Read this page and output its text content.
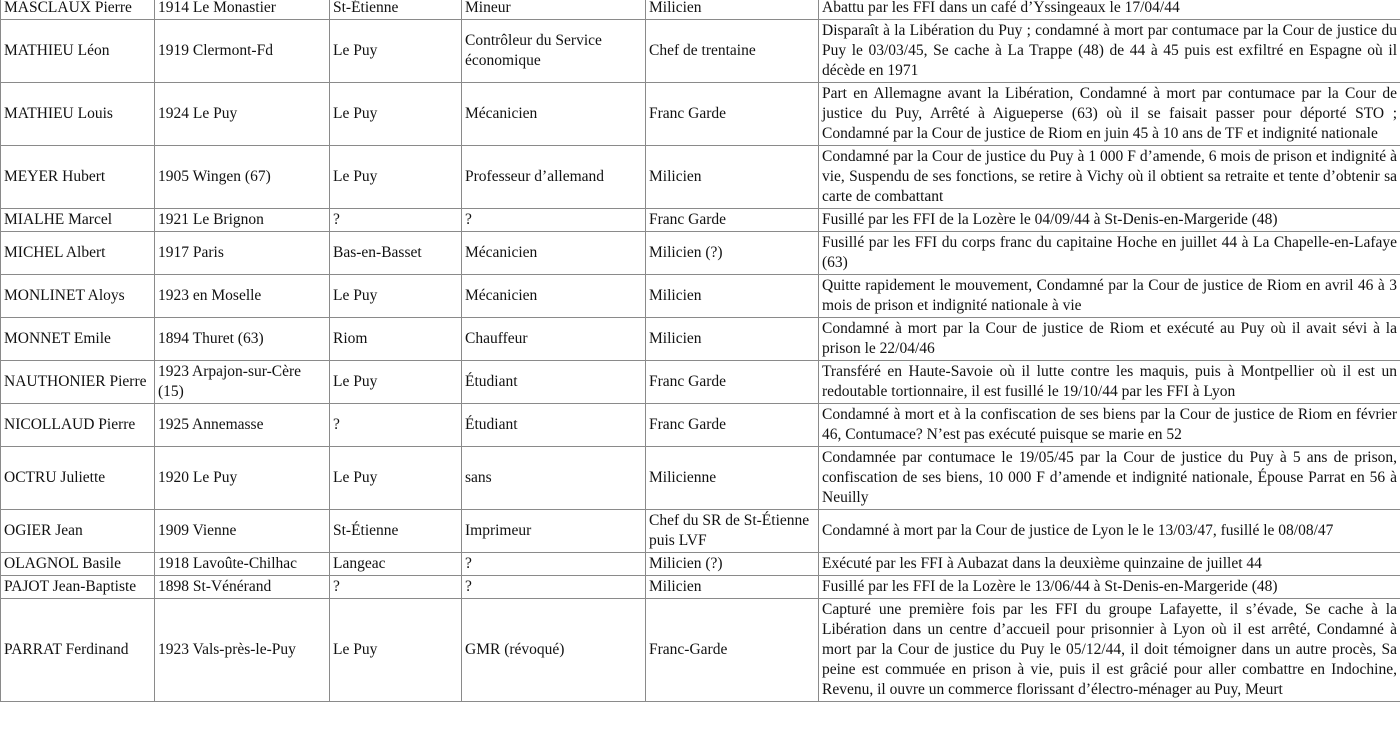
MASCLAUX Pierre	1914 Le Monastier	St-Étienne	Mineur	Milicien	Abattu par les FFI dans un café d’Yssingeaux le 17/04/44
MATHIEU Léon	1919 Clermont-Fd	Le Puy	Contrôleur du Service économique	Chef de trentaine	Disparaît à la Libération du Puy ; condamné à mort par contumace par la Cour de justice du Puy le 03/03/45, Se cache à La Trappe (48) de 44 à 45 puis est exfiltré en Espagne où il décède en 1971
MATHIEU Louis	1924 Le Puy	Le Puy	Mécanicien	Franc Garde	Part en Allemagne avant la Libération, Condamné à mort par contumace par la Cour de justice du Puy, Arrêté à Aigueperse (63) où il se faisait passer pour déporté STO ; Condamné par la Cour de justice de Riom en juin 45 à 10 ans de TF et indignité nationale
MEYER Hubert	1905 Wingen (67)	Le Puy	Professeur d’allemand	Milicien	Condamné par la Cour de justice du Puy à 1 000 F d’amende, 6 mois de prison et indignité à vie, Suspendu de ses fonctions, se retire à Vichy où il obtient sa retraite et tente d’obtenir sa carte de combattant
MIALHE Marcel	1921 Le Brignon	?	?	Franc Garde	Fusillé par les FFI de la Lozère le 04/09/44 à St-Denis-en-Margeride (48)
MICHEL Albert	1917 Paris	Bas-en-Basset	Mécanicien	Milicien (?)	Fusillé par les FFI du corps franc du capitaine Hoche en juillet 44 à La Chapelle-en-Lafaye (63)
MONLINET Aloys	1923 en Moselle	Le Puy	Mécanicien	Milicien	Quitte rapidement le mouvement, Condamné par la Cour de justice de Riom en avril 46 à 3 mois de prison et indignité nationale à vie
MONNET Emile	1894 Thuret (63)	Riom	Chauffeur	Milicien	Condamné à mort par la Cour de justice de Riom et exécuté au Puy où il avait sévi à la prison le 22/04/46
NAUTHONIER Pierre	1923 Arpajon-sur-Cère (15)	Le Puy	Étudiant	Franc Garde	Transféré en Haute-Savoie où il lutte contre les maquis, puis à Montpellier où il est un redoutable tortionnaire, il est fusillé le 19/10/44 par les FFI à Lyon
NICOLLAUD Pierre	1925 Annemasse	?	Étudiant	Franc Garde	Condamné à mort et à la confiscation de ses biens par la Cour de justice de Riom en février 46, Contumace? N’est pas exécuté puisque se marie en 52
OCTRU Juliette	1920 Le Puy	Le Puy	sans	Milicienne	Condamnée par contumace le 19/05/45 par la Cour de justice du Puy à 5 ans de prison, confiscation de ses biens, 10 000 F d’amende et indignité nationale, Épouse Parrat en 56 à Neuilly
OGIER Jean	1909 Vienne	St-Étienne	Imprimeur	Chef du SR de St-Étienne puis LVF	Condamné à mort par la Cour de justice de Lyon le le 13/03/47, fusillé le 08/08/47
OLAGNOL Basile	1918 Lavoûte-Chilhac	Langeac	?	Milicien (?)	Exécuté par les FFI à Aubazat dans la deuxième quinzaine de juillet 44
PAJOT Jean-Baptiste	1898 St-Vénérand	?	?	Milicien	Fusillé par les FFI de la Lozère le 13/06/44 à St-Denis-en-Margeride (48)
PARRAT Ferdinand	1923 Vals-près-le-Puy	Le Puy	GMR (révoqué)	Franc-Garde	Capturé une première fois par les FFI du groupe Lafayette, il s’évade, Se cache à la Libération dans un centre d’accueil pour prisonnier à Lyon où il est arrêté, Condamné à mort par la Cour de justice du Puy le 05/12/44, il doit témoigner dans un autre procès, Sa peine est commuée en prison à vie, puis il est grâcié pour aller combattre en Indochine, Revenu, il ouvre un commerce florissant d’électro-ménager au Puy, Meurt
